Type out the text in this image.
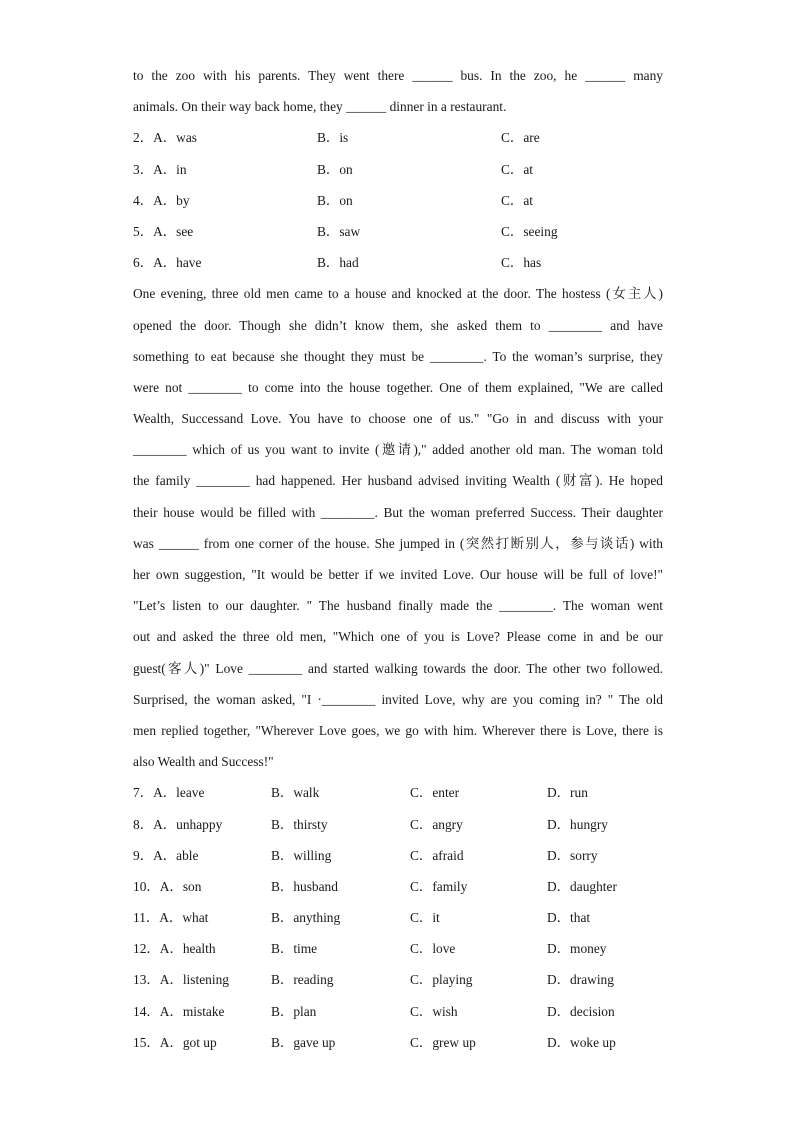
to the zoo with his parents. They went there ______ bus. In the zoo, he ______ many
animals. On their way back home, they ______ dinner in a restaurant.
2．A．was	B．is	C．are
3．A．in	B．on	C．at
4．A．by	B．on	C．at
5．A．see	B．saw	C．seeing
6．A．have	B．had	C．has
One evening, three old men came to a house and knocked at the door. The hostess (女主人)
opened the door. Though she didn’t know them, she asked them to ________ and have
something to eat because she thought they must be ________. To the woman’s surprise, they
were not ________ to come into the house together. One of them explained, "We are called
Wealth, Successand Love. You have to choose one of us." "Go in and discuss with your
________ which of us you want to invite (邀请)," added another old man. The woman told
the family ________ had happened. Her husband advised inviting Wealth (财富). He hoped
their house would be filled with ________. But the woman preferred Success. Their daughter
was ______ from one corner of the house. She jumped in (突然打断别人，参与谈话) with
her own suggestion, "It would be better if we invited Love. Our house will be full of love!"
"Let’s listen to our daughter. " The husband finally made the ________. The woman went
out and asked the three old men, "Which one of you is Love? Please come in and be our
guest(客人)" Love ________ and started walking towards the door. The other two followed.
Surprised, the woman asked, "I ·________ invited Love, why are you coming in? " The old
men replied together, "Wherever Love goes, we go with him. Wherever there is Love, there is
also Wealth and Success!"
7．A．leave	B．walk	C．enter	D．run
8．A．unhappy	B．thirsty	C．angry	D．hungry
9．A．able	B．willing	C．afraid	D．sorry
10．A．son	B．husband	C．family	D．daughter
11．A．what	B．anything	C．it	D．that
12．A．health	B．time	C．love	D．money
13．A．listening	B．reading	C．playing	D．drawing
14．A．mistake	B．plan	C．wish	D．decision
15．A．got up	B．gave up	C．grew up	D．woke up
